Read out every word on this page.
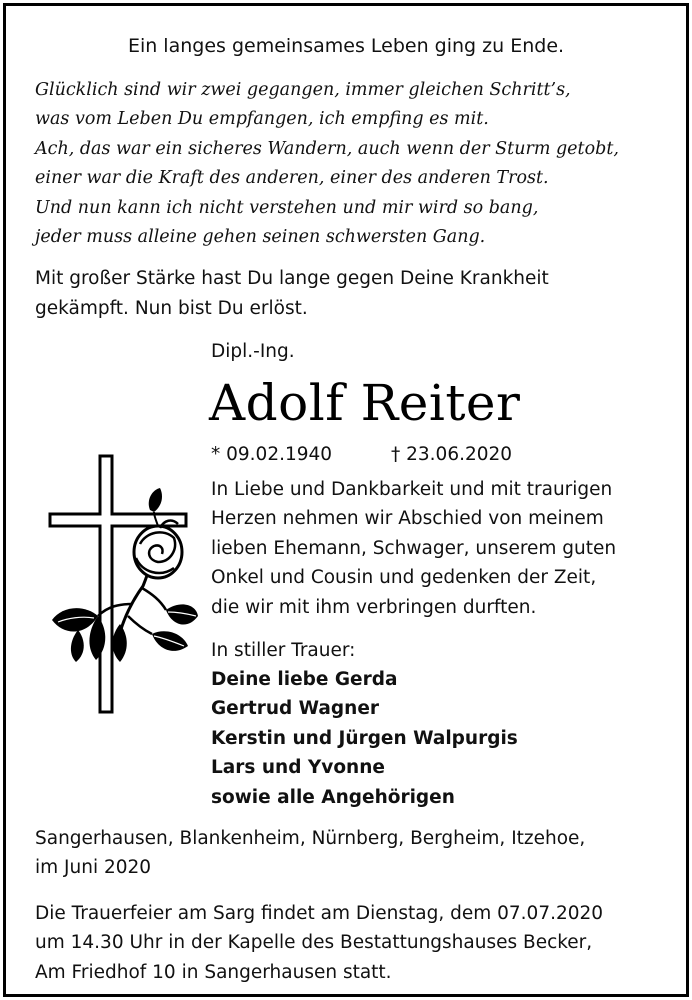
Ein langes gemeinsames Leben ging zu Ende.
Glücklich sind wir zwei gegangen, immer gleichen Schritt’s,
was vom Leben Du empfangen, ich empfing es mit.
Ach, das war ein sicheres Wandern, auch wenn der Sturm getobt,
einer war die Kraft des anderen, einer des anderen Trost.
Und nun kann ich nicht verstehen und mir wird so bang,
jeder muss alleine gehen seinen schwersten Gang.
Mit großer Stärke hast Du lange gegen Deine Krankheit
gekämpft. Nun bist Du erlöst.
Dipl.-Ing.
Adolf Reiter
* 09.02.1940	† 23.06.2020
In Liebe und Dankbarkeit und mit traurigen
Herzen nehmen wir Abschied von meinem
lieben Ehemann, Schwager, unserem guten
Onkel und Cousin und gedenken der Zeit,
die wir mit ihm verbringen durften.
In stiller Trauer:
Deine liebe Gerda
Gertrud Wagner
Kerstin und Jürgen Walpurgis
Lars und Yvonne
sowie alle Angehörigen
Sangerhausen, Blankenheim, Nürnberg, Bergheim, Itzehoe,
im Juni 2020
Die Trauerfeier am Sarg findet am Dienstag, dem 07.07.2020
um 14.30 Uhr in der Kapelle des Bestattungshauses Becker,
Am Friedhof 10 in Sangerhausen statt.
